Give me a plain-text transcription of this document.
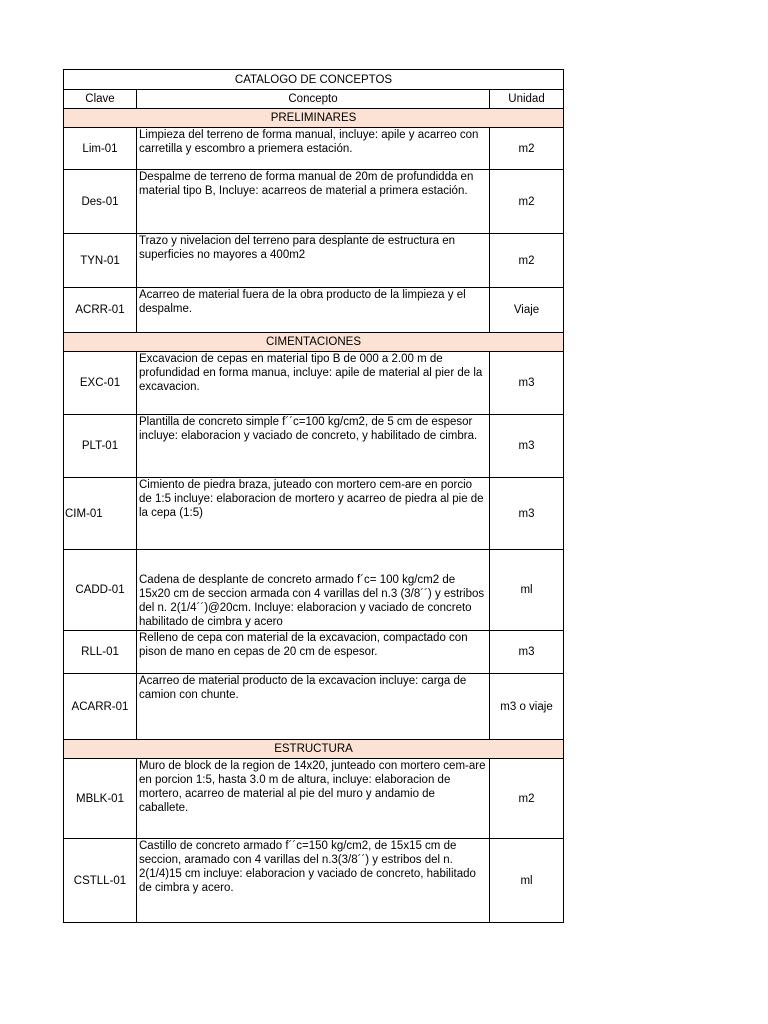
CATALOGO DE CONCEPTOS		
Clave	Concepto	Unidad
PRELIMINARES		
Lim-01	Limpieza del terreno de forma manual, incluye: apile y acarreo con carretilla y escombro a priemera estación.	m2
Des-01	Despalme de terreno de forma manual de 20m de profundidda en material tipo B, Incluye: acarreos de material a primera estación.	m2
TYN-01	Trazo y nivelacion del terreno para desplante de estructura en superficies no mayores a 400m2	m2
ACRR-01	Acarreo de material fuera de la obra producto de la limpieza y el despalme.	Viaje
CIMENTACIONES		
EXC-01	Excavacion de cepas en material tipo B de 000 a 2.00 m de profundidad en forma manua, incluye: apile de material al pier de la excavacion.	m3
PLT-01	Plantilla de concreto simple f´´c=100 kg/cm2, de 5 cm de espesor incluye: elaboracion y vaciado de concreto, y habilitado de cimbra.	m3
CIM-01	Cimiento de piedra braza, juteado con mortero cem-are en porcio de 1:5 incluye: elaboracion de mortero y acarreo de piedra al pie de la cepa (1:5)	m3
CADD-01	Cadena de desplante de concreto armado f´c= 100 kg/cm2 de 15x20 cm de seccion armada con 4 varillas del n.3 (3/8´´) y estribos del n. 2(1/4´´)@20cm. Incluye: elaboracion y vaciado de concreto habilitado de cimbra y acero	ml
RLL-01	Relleno de cepa con material de la excavacion, compactado con pison de mano en cepas de 20 cm de espesor.	m3
ACARR-01	Acarreo de material producto de la excavacion incluye: carga de camion con chunte.	m3 o viaje
ESTRUCTURA		
MBLK-01	Muro de block de la region de 14x20, junteado con mortero cem-are en porcion 1:5, hasta 3.0 m de altura, incluye: elaboracion de mortero, acarreo de material al pie del muro y andamio de caballete.	m2
CSTLL-01	Castillo de concreto armado f´´c=150 kg/cm2, de 15x15 cm de seccion, aramado con 4 varillas del n.3(3/8´´) y estribos del n. 2(1/4)15 cm incluye: elaboracion y vaciado de concreto, habilitado de cimbra y acero.	ml
